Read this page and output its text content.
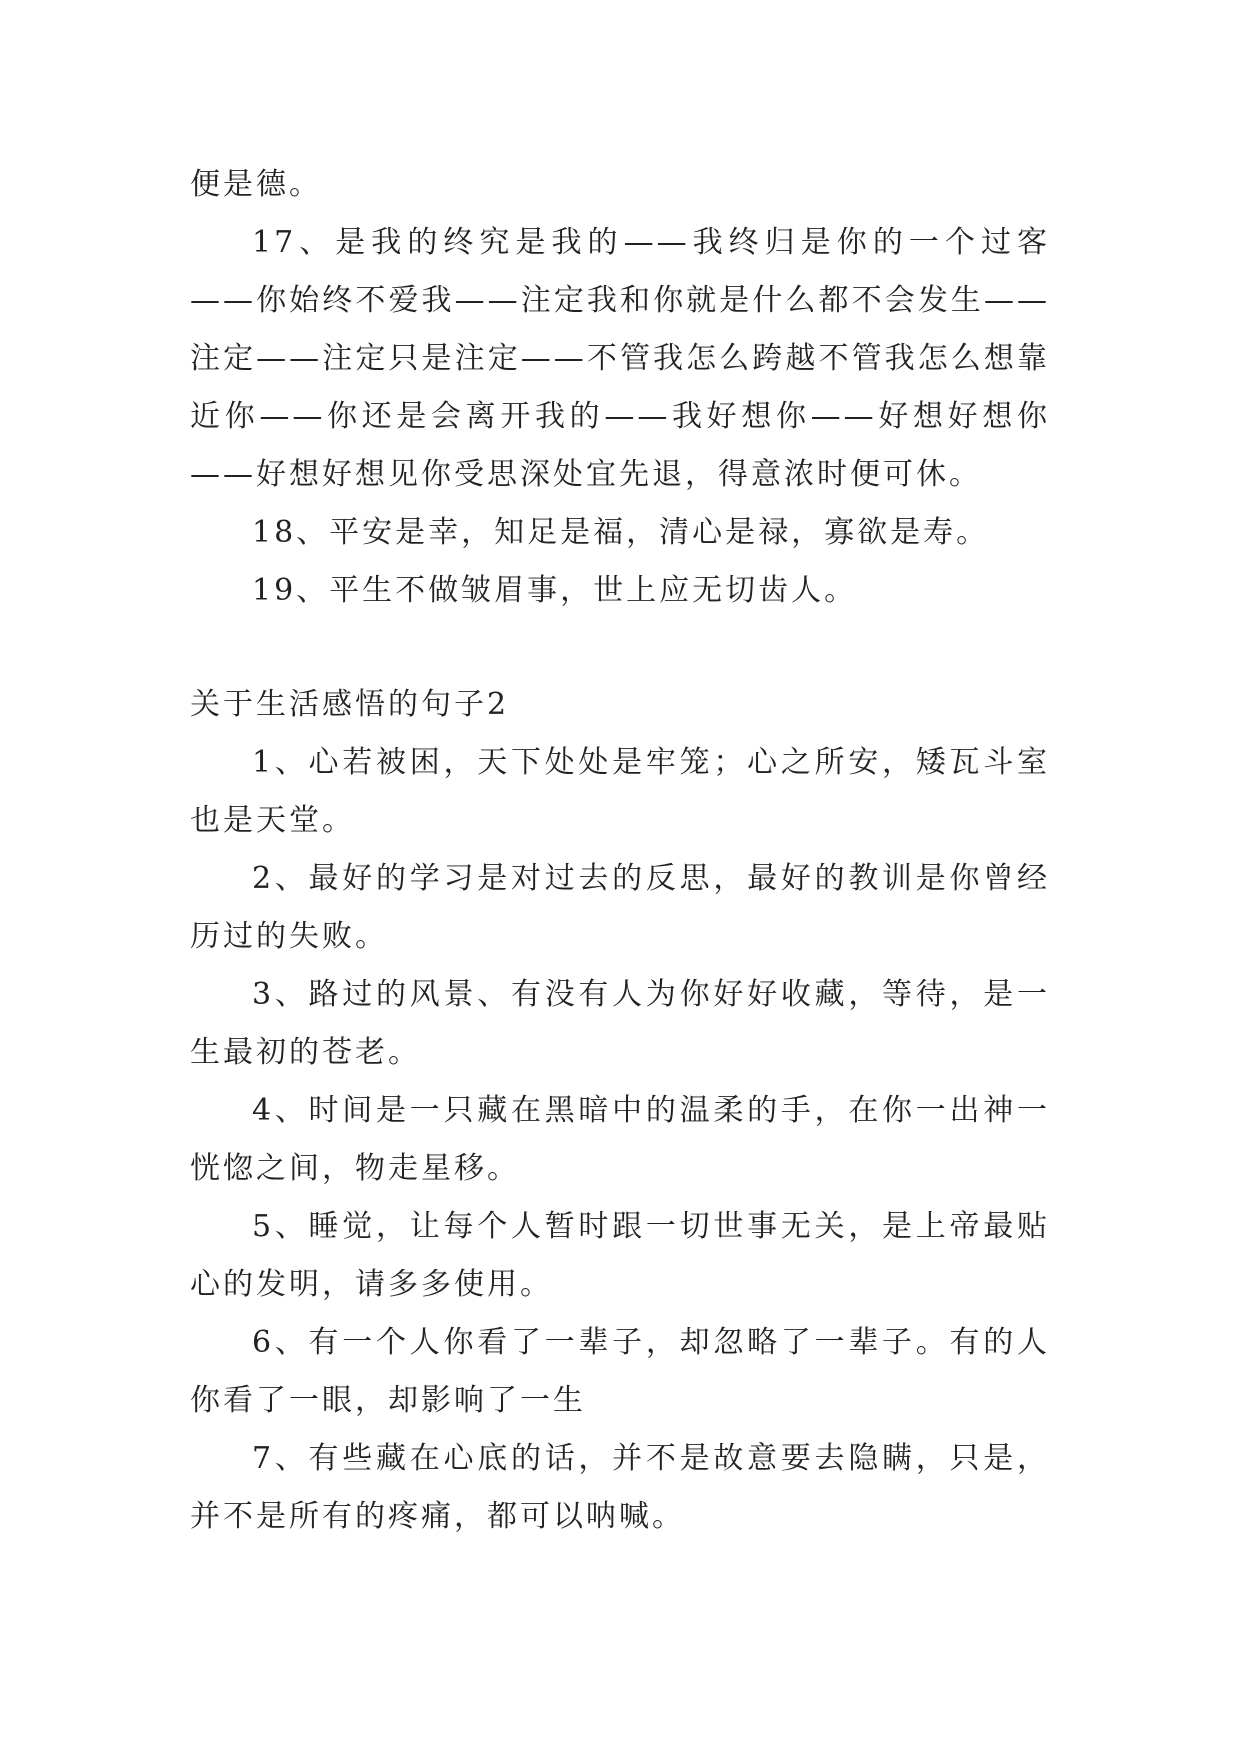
便是德。

17、是我的终究是我的——我终归是你的一个过客——你始终不爱我——注定我和你就是什么都不会发生——注定——注定只是注定——不管我怎么跨越不管我怎么想靠近你——你还是会离开我的——我好想你——好想好想你——好想好想见你受思深处宜先退，得意浓时便可休。

18、平安是幸，知足是福，清心是禄，寡欲是寿。

19、平生不做皱眉事，世上应无切齿人。

关于生活感悟的句子2

1、心若被困，天下处处是牢笼；心之所安，矮瓦斗室也是天堂。

2、最好的学习是对过去的反思，最好的教训是你曾经历过的失败。

3、路过的风景、有没有人为你好好收藏，等待，是一生最初的苍老。

4、时间是一只藏在黑暗中的温柔的手，在你一出神一恍惚之间，物走星移。

5、睡觉，让每个人暂时跟一切世事无关，是上帝最贴心的发明，请多多使用。

6、有一个人你看了一辈子，却忽略了一辈子。有的人你看了一眼，却影响了一生

7、有些藏在心底的话，并不是故意要去隐瞒，只是，并不是所有的疼痛，都可以呐喊。
